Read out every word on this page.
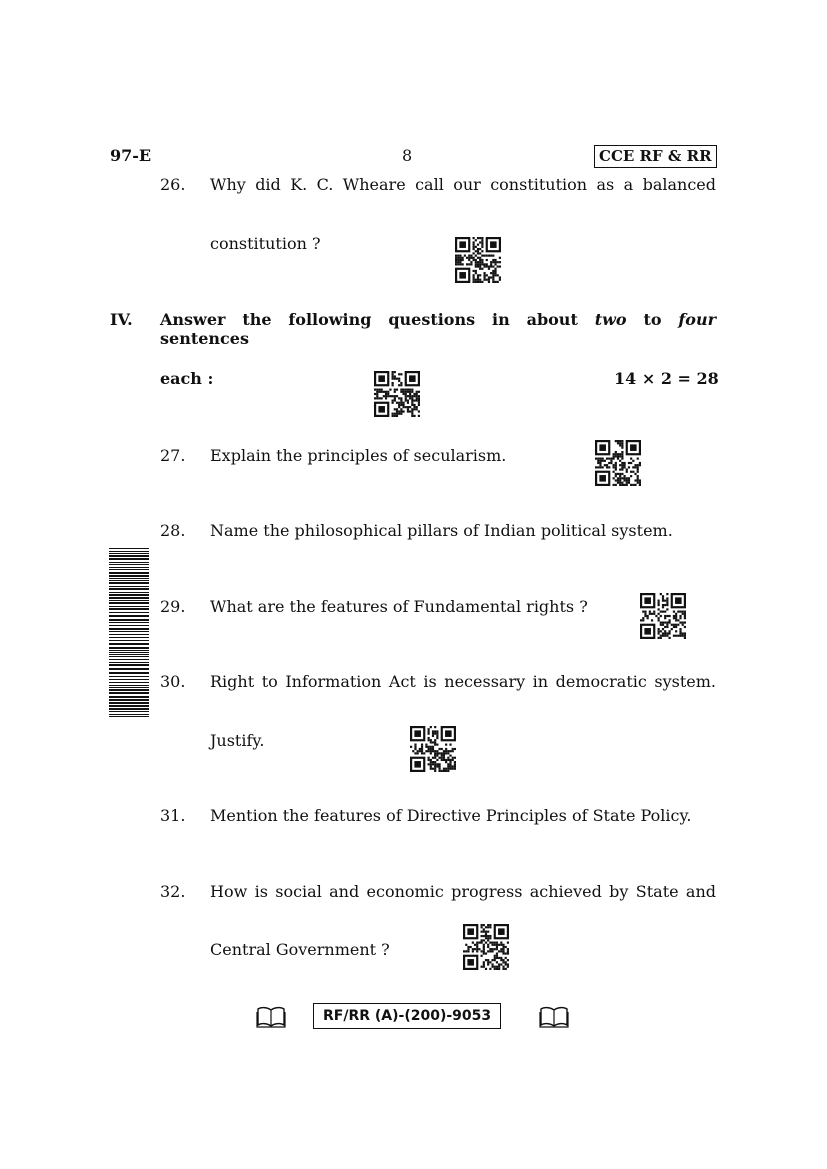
97-E	8	CCE RF & RR
26. Why did K. C. Wheare call our constitution as a balanced
constitution ?
IV. Answer the following questions in about two to four sentences
each :	14 × 2 = 28
27. Explain the principles of secularism.
28. Name the philosophical pillars of Indian political system.
29. What are the features of Fundamental rights ?
30. Right to Information Act is necessary in democratic system.
Justify.
31. Mention the features of Directive Principles of State Policy.
32. How is social and economic progress achieved by State and
Central Government ?
RF/RR (A)-(200)-9053
